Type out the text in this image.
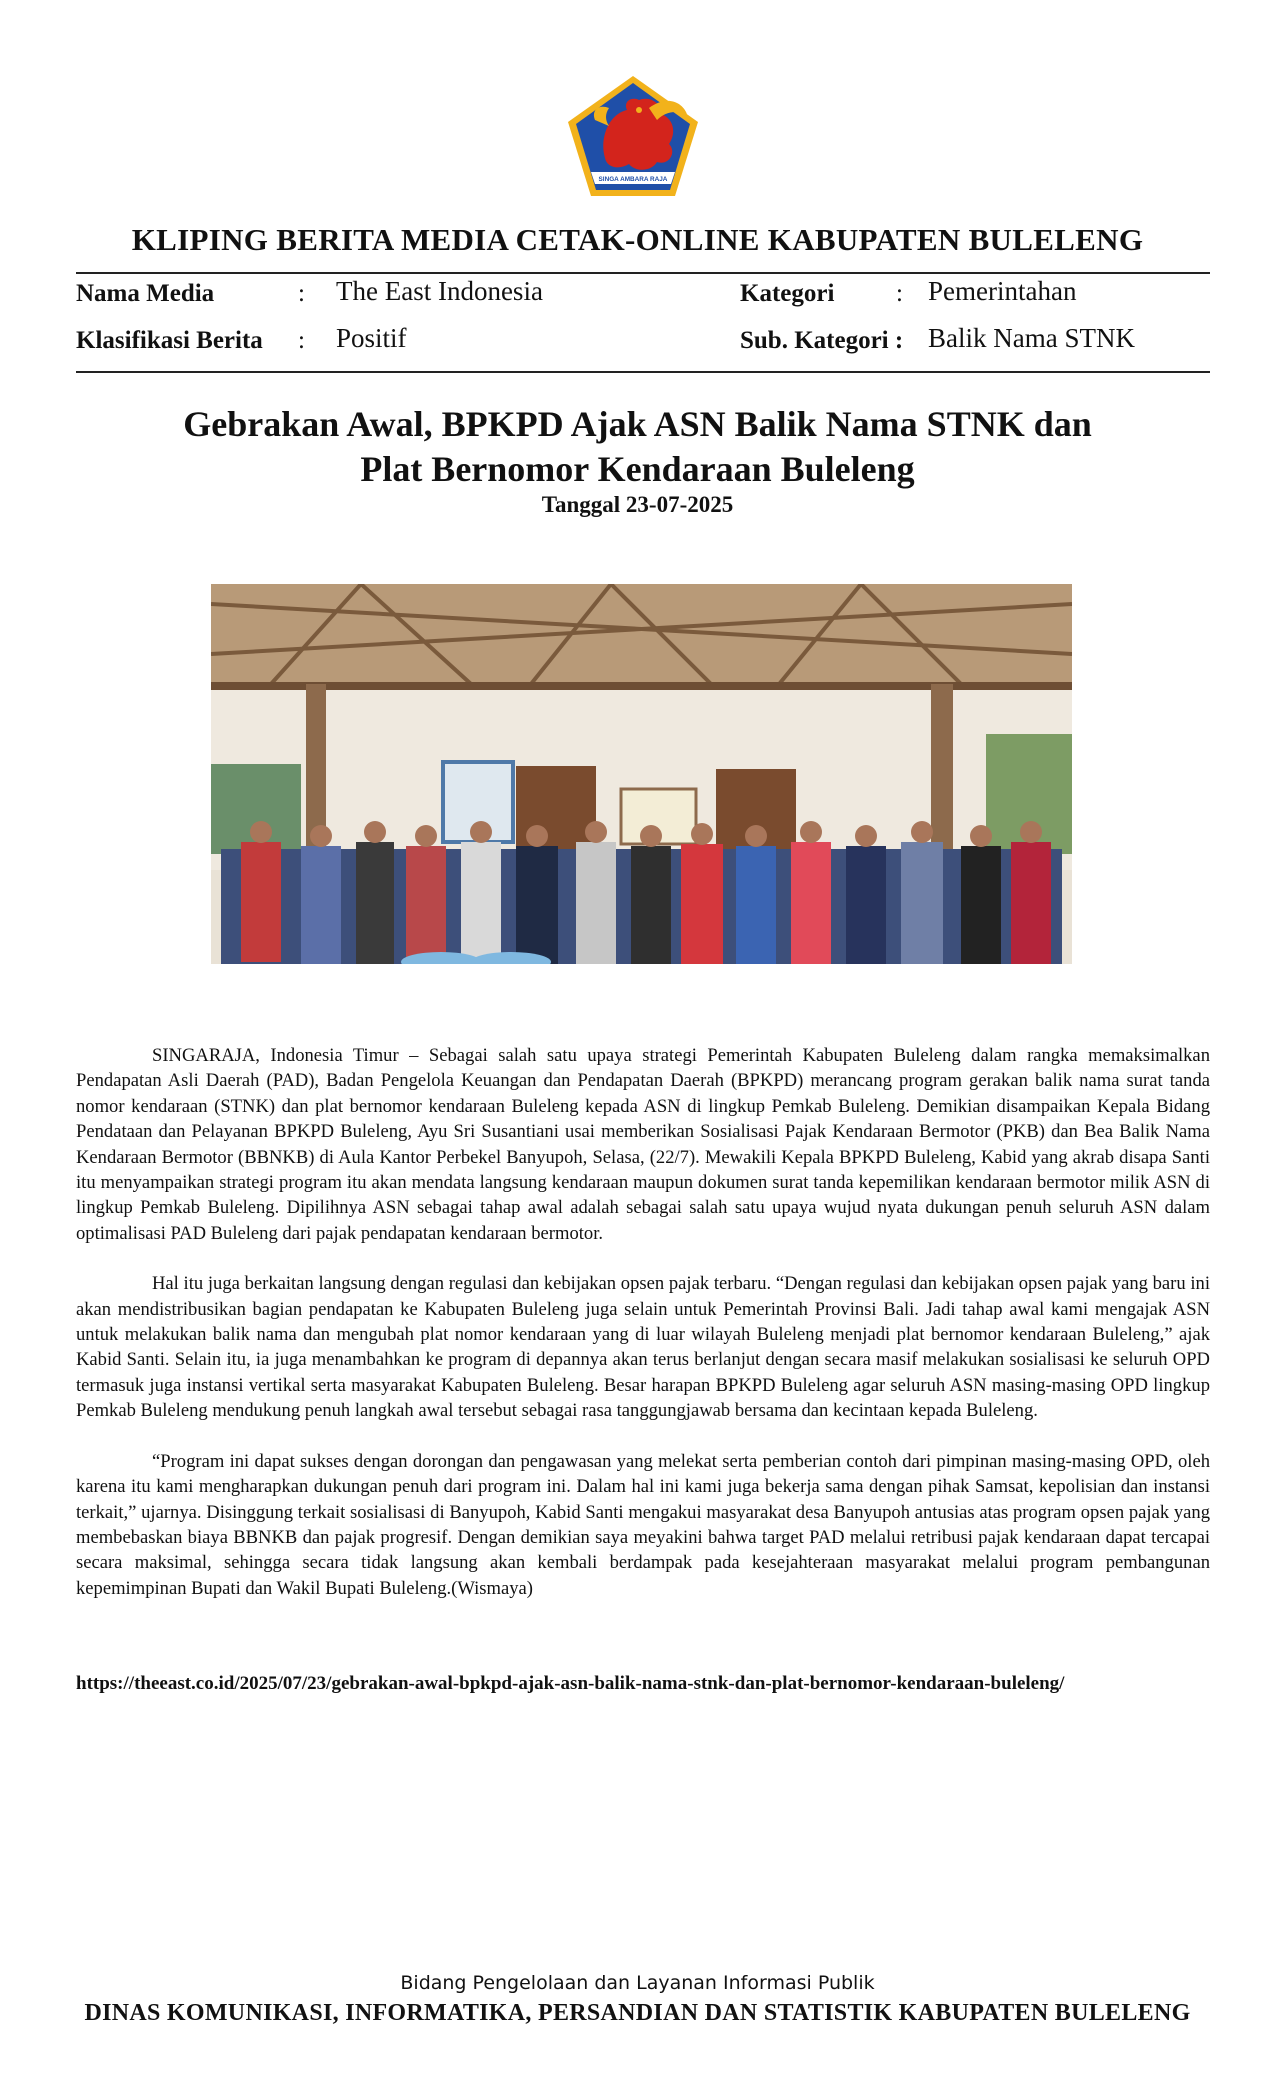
SINGA AMBARA RAJA
KLIPING BERITA MEDIA CETAK-ONLINE KABUPATEN BULELENG
Nama Media	: The East Indonesia	Kategori : Pemerintahan
Klasifikasi Berita : Positif	Sub. Kategori : Balik Nama STNK
Gebrakan Awal, BPKPD Ajak ASN Balik Nama STNK dan
Plat Bernomor Kendaraan Buleleng
Tanggal 23-07-2025

SINGARAJA, Indonesia Timur – Sebagai salah satu upaya strategi Pemerintah Kabupaten Buleleng dalam rangka memaksimalkan Pendapatan Asli Daerah (PAD), Badan Pengelola Keuangan dan Pendapatan Daerah (BPKPD) merancang program gerakan balik nama surat tanda nomor kendaraan (STNK) dan plat bernomor kendaraan Buleleng kepada ASN di lingkup Pemkab Buleleng. Demikian disampaikan Kepala Bidang Pendataan dan Pelayanan BPKPD Buleleng, Ayu Sri Susantiani usai memberikan Sosialisasi Pajak Kendaraan Bermotor (PKB) dan Bea Balik Nama Kendaraan Bermotor (BBNKB) di Aula Kantor Perbekel Banyupoh, Selasa, (22/7). Mewakili Kepala BPKPD Buleleng, Kabid yang akrab disapa Santi itu menyampaikan strategi program itu akan mendata langsung kendaraan maupun dokumen surat tanda kepemilikan kendaraan bermotor milik ASN di lingkup Pemkab Buleleng. Dipilihnya ASN sebagai tahap awal adalah sebagai salah satu upaya wujud nyata dukungan penuh seluruh ASN dalam optimalisasi PAD Buleleng dari pajak pendapatan kendaraan bermotor.

Hal itu juga berkaitan langsung dengan regulasi dan kebijakan opsen pajak terbaru. “Dengan regulasi dan kebijakan opsen pajak yang baru ini akan mendistribusikan bagian pendapatan ke Kabupaten Buleleng juga selain untuk Pemerintah Provinsi Bali. Jadi tahap awal kami mengajak ASN untuk melakukan balik nama dan mengubah plat nomor kendaraan yang di luar wilayah Buleleng menjadi plat bernomor kendaraan Buleleng,” ajak Kabid Santi. Selain itu, ia juga menambahkan ke program di depannya akan terus berlanjut dengan secara masif melakukan sosialisasi ke seluruh OPD termasuk juga instansi vertikal serta masyarakat Kabupaten Buleleng. Besar harapan BPKPD Buleleng agar seluruh ASN masing-masing OPD lingkup Pemkab Buleleng mendukung penuh langkah awal tersebut sebagai rasa tanggungjawab bersama dan kecintaan kepada Buleleng.

“Program ini dapat sukses dengan dorongan dan pengawasan yang melekat serta pemberian contoh dari pimpinan masing-masing OPD, oleh karena itu kami mengharapkan dukungan penuh dari program ini. Dalam hal ini kami juga bekerja sama dengan pihak Samsat, kepolisian dan instansi terkait,” ujarnya. Disinggung terkait sosialisasi di Banyupoh, Kabid Santi mengakui masyarakat desa Banyupoh antusias atas program opsen pajak yang membebaskan biaya BBNKB dan pajak progresif. Dengan demikian saya meyakini bahwa target PAD melalui retribusi pajak kendaraan dapat tercapai secara maksimal, sehingga secara tidak langsung akan kembali berdampak pada kesejahteraan masyarakat melalui program pembangunan kepemimpinan Bupati dan Wakil Bupati Buleleng.(Wismaya)

https://theeast.co.id/2025/07/23/gebrakan-awal-bpkpd-ajak-asn-balik-nama-stnk-dan-plat-bernomor-kendaraan-buleleng/
Bidang Pengelolaan dan Layanan Informasi Publik
DINAS KOMUNIKASI, INFORMATIKA, PERSANDIAN DAN STATISTIK KABUPATEN BULELENG
